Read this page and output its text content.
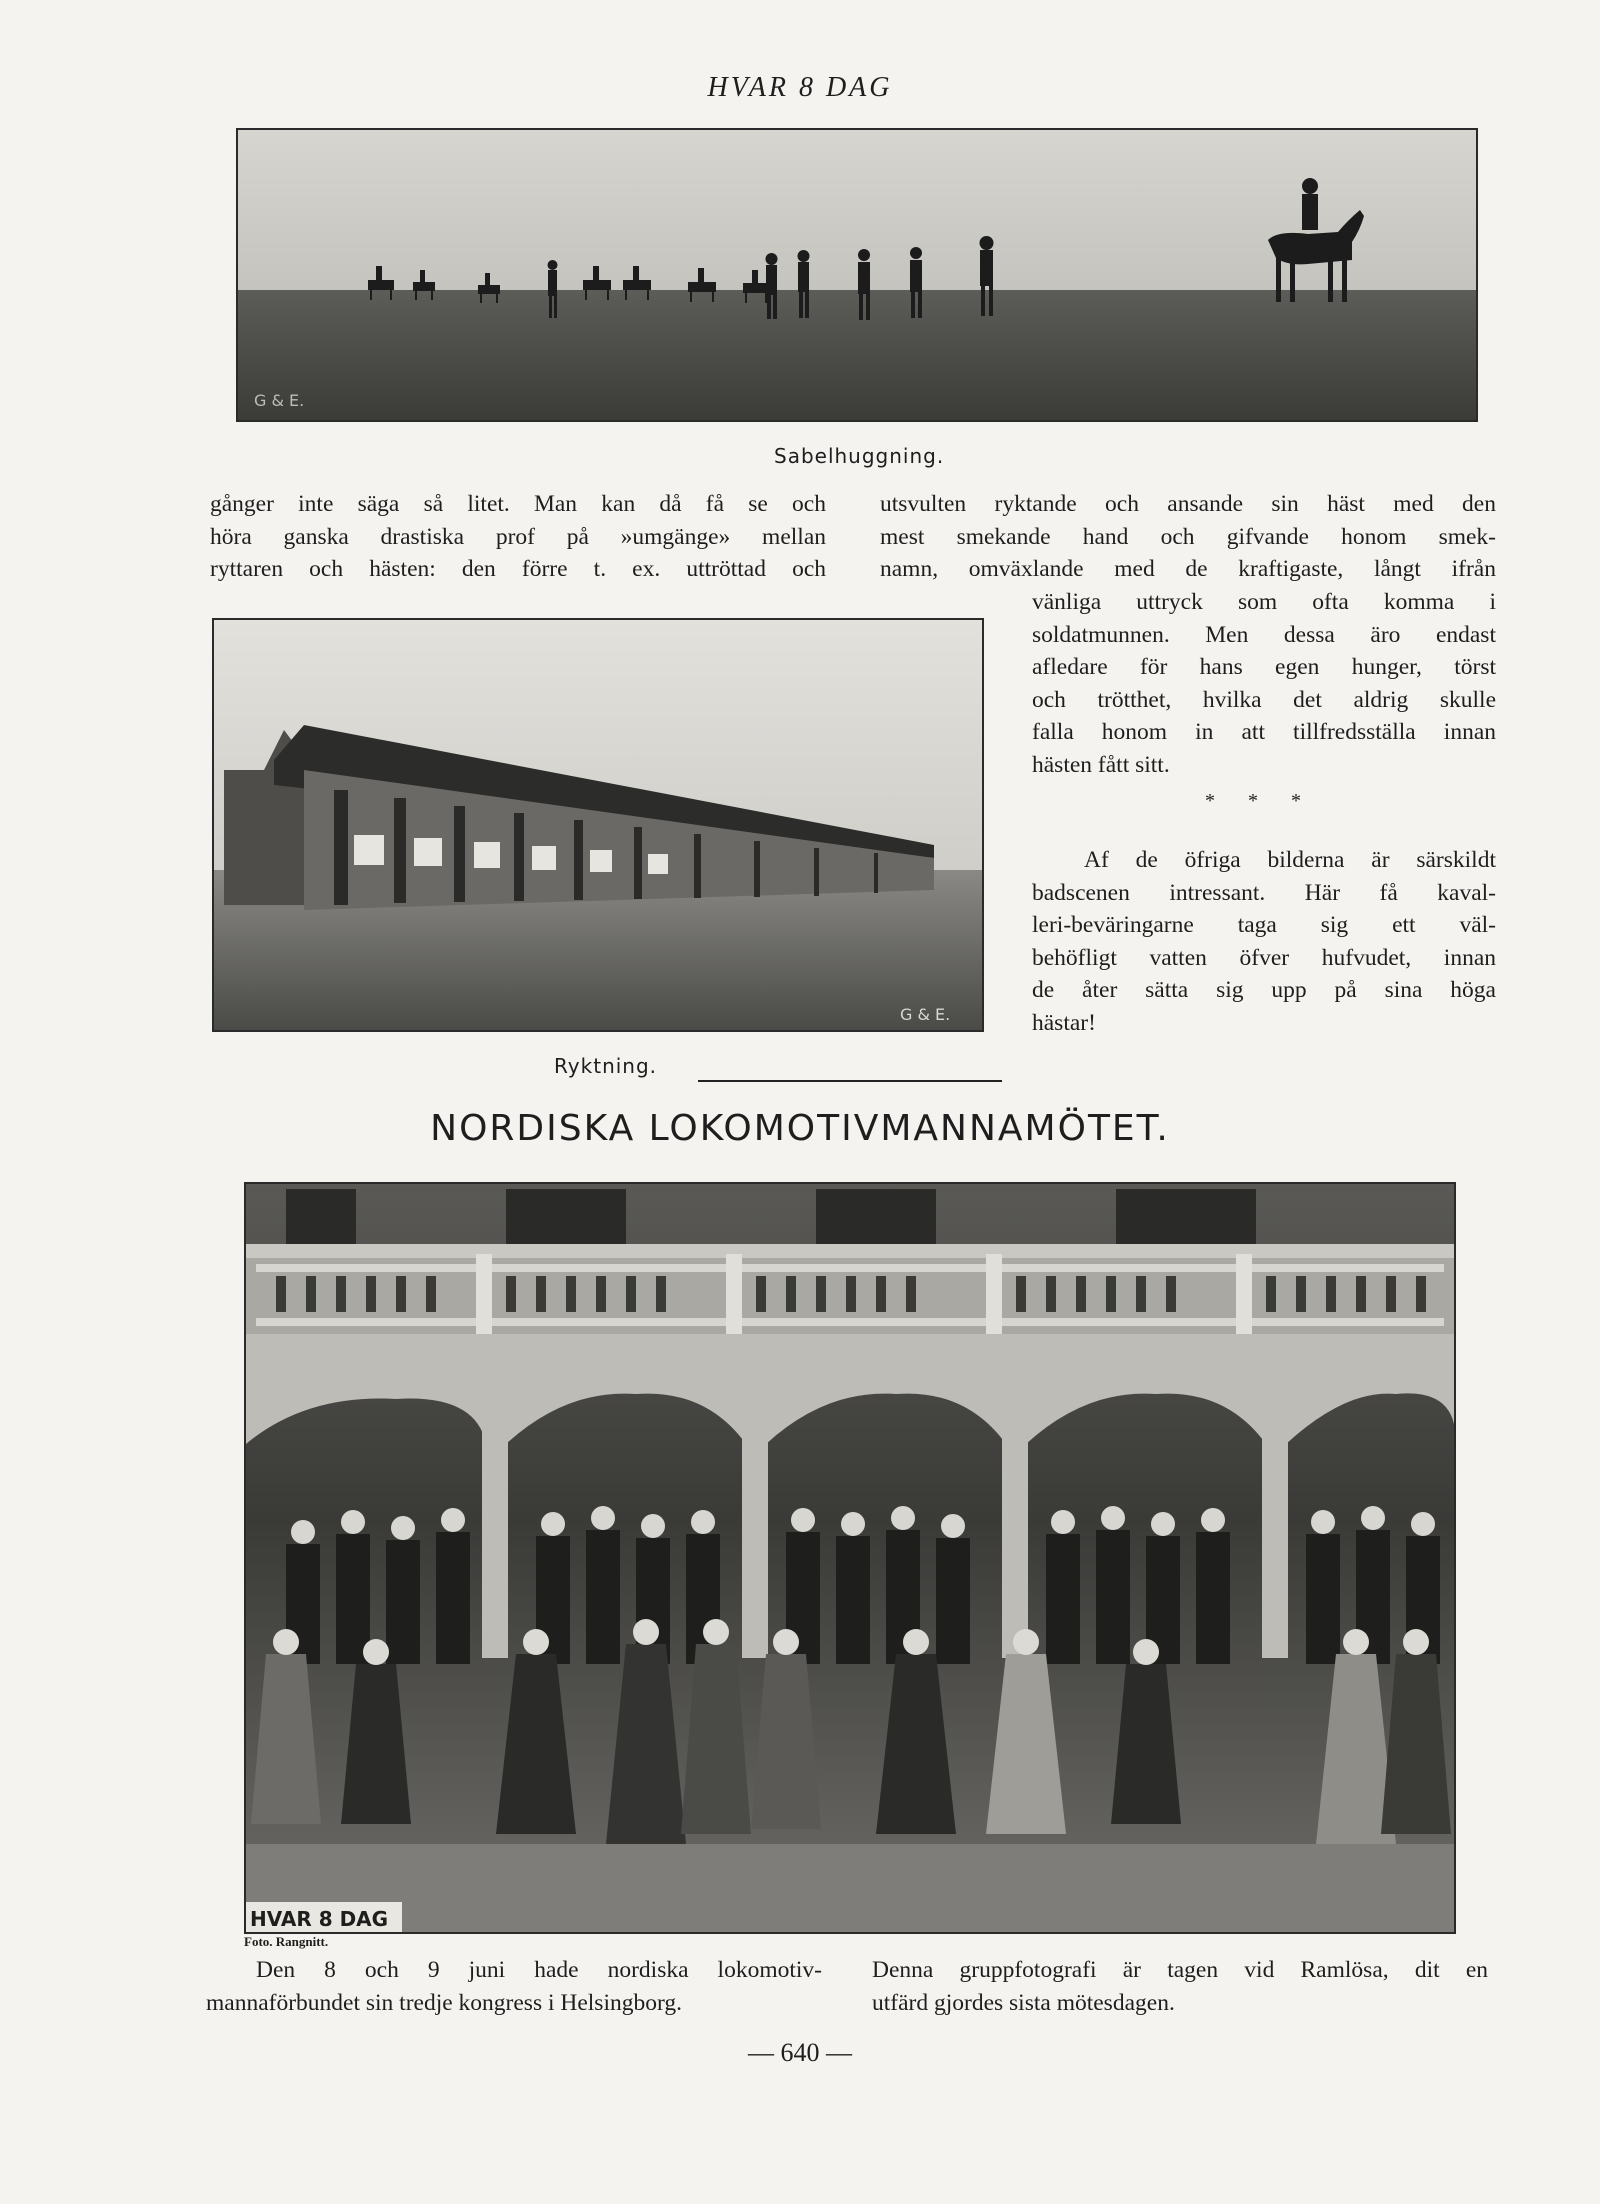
HVAR 8 DAG
G & E.
Sabelhuggning.

gånger inte säga så litet. Man kan då få se och

höra ganska drastiska prof på »umgänge» mellan

ryttaren och hästen: den förre t. ex. uttröttad och

utsvulten ryktande och ansande sin häst med den

mest smekande hand och gifvande honom smek-

namn, omväxlande med de kraftigaste, långt ifrån

G & E.
Ryktning.

vänliga uttryck som ofta komma i

soldatmunnen. Men dessa äro endast

afledare för hans egen hunger, törst

och trötthet, hvilka det aldrig skulle

falla honom in att tillfredsställa innan

hästen fått sitt.

* * *

Af de öfriga bilderna är särskildt

badscenen intressant. Här få kaval-

leri-beväringarne taga sig ett väl-

behöfligt vatten öfver hufvudet, innan

de åter sätta sig upp på sina höga

hästar!

NORDISKA LOKOMOTIVMANNAMÖTET.
HVAR 8 DAG
Foto. Rangnitt.

Den 8 och 9 juni hade nordiska lokomotiv-

mannaförbundet sin tredje kongress i Helsingborg.

Denna gruppfotografi är tagen vid Ramlösa, dit en

utfärd gjordes sista mötesdagen.

— 640 —
